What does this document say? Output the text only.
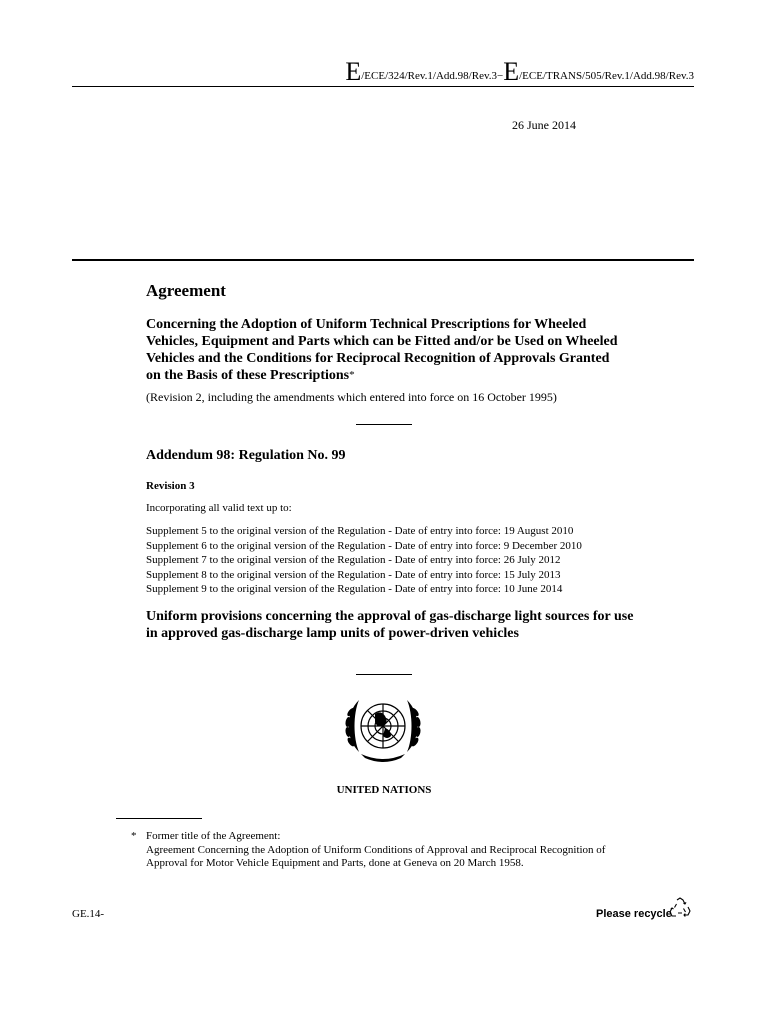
E/ECE/324/Rev.1/Add.98/Rev.3−E/ECE/TRANS/505/Rev.1/Add.98/Rev.3
26 June 2014
Agreement
Concerning the Adoption of Uniform Technical Prescriptions for Wheeled Vehicles, Equipment and Parts which can be Fitted and/or be Used on Wheeled Vehicles and the Conditions for Reciprocal Recognition of Approvals Granted on the Basis of these Prescriptions*
(Revision 2, including the amendments which entered into force on 16 October 1995)
Addendum 98: Regulation No. 99
Revision 3
Incorporating all valid text up to:
Supplement 5 to the original version of the Regulation - Date of entry into force: 19 August 2010
Supplement 6 to the original version of the Regulation - Date of entry into force: 9 December 2010
Supplement 7 to the original version of the Regulation - Date of entry into force: 26 July 2012
Supplement 8 to the original version of the Regulation - Date of entry into force: 15 July 2013
Supplement 9 to the original version of the Regulation - Date of entry into force: 10 June 2014
Uniform provisions concerning the approval of gas-discharge light sources for use in approved gas-discharge lamp units of power-driven vehicles
UNITED NATIONS
* Former title of the Agreement:
Agreement Concerning the Adoption of Uniform Conditions of Approval and Reciprocal Recognition of Approval for Motor Vehicle Equipment and Parts, done at Geneva on 20 March 1958.
GE.14-	Please recycle
